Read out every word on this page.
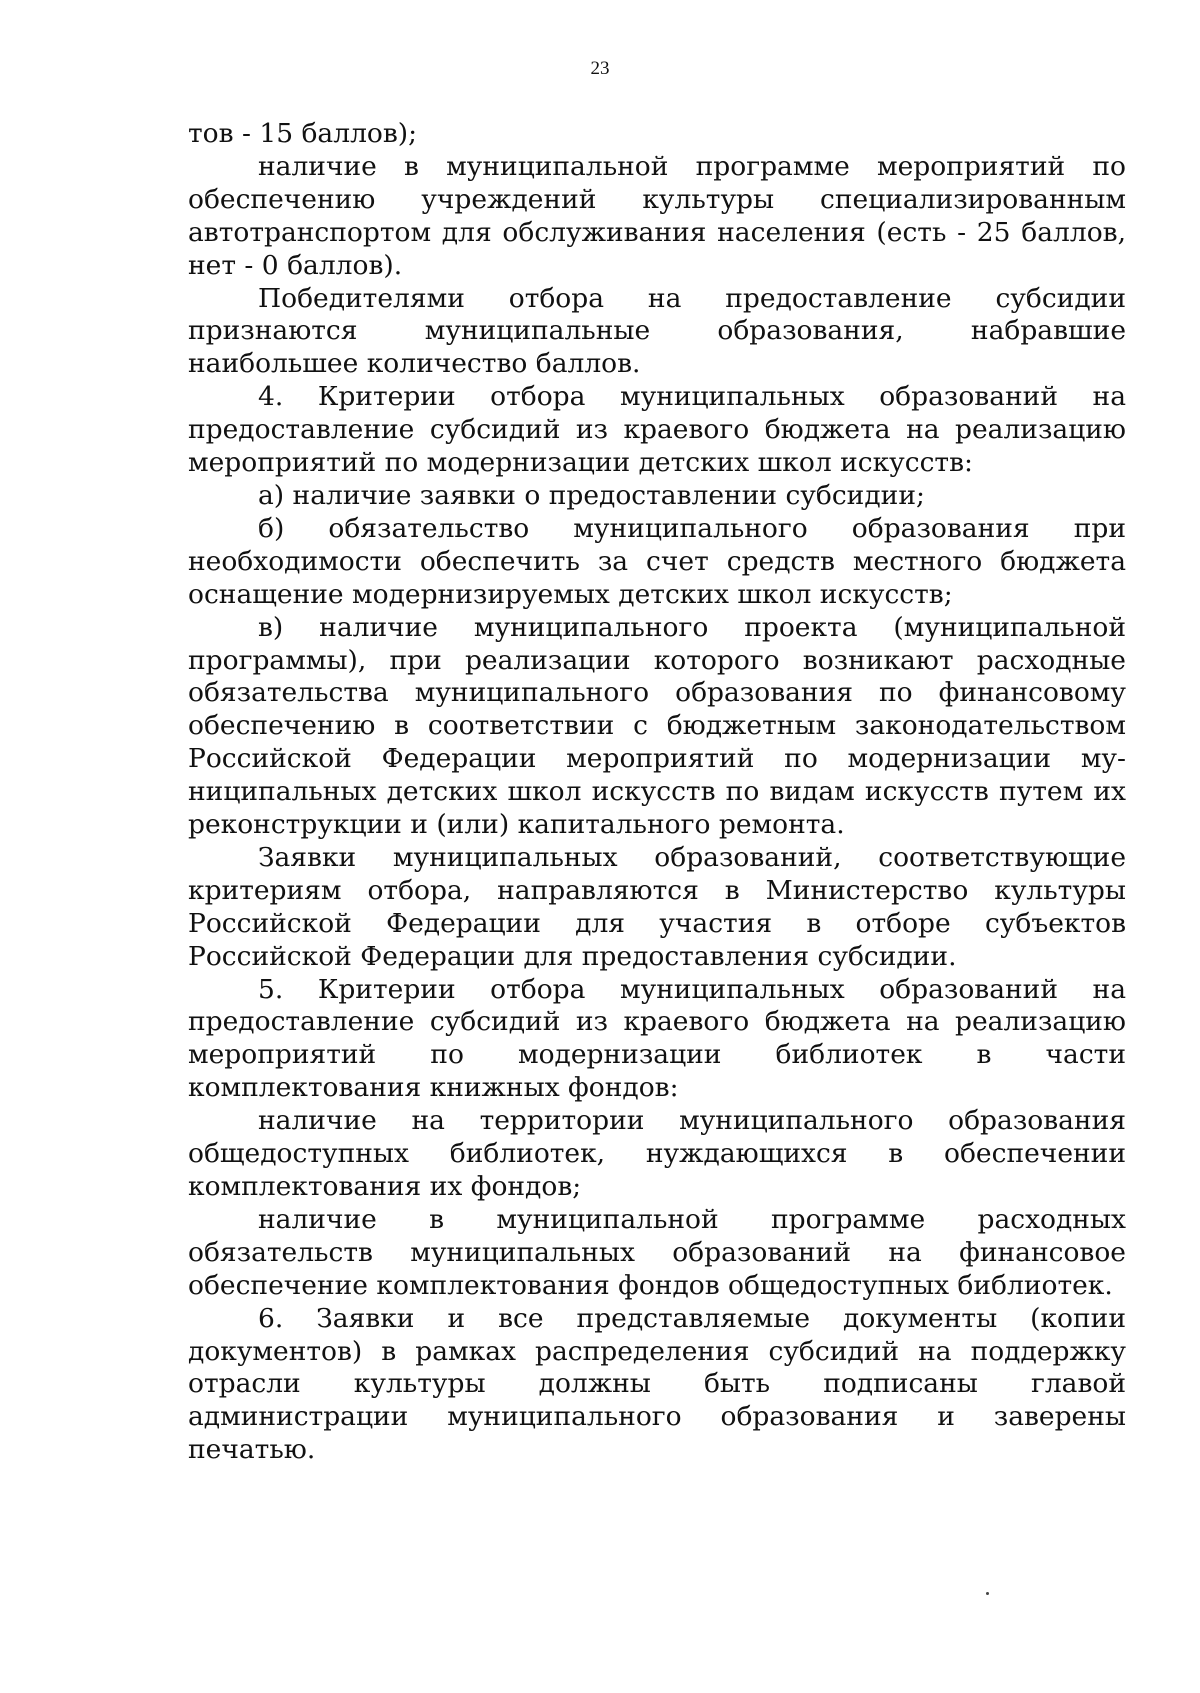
23

тов - 15 баллов);

наличие в муниципальной программе мероприятий по обеспечению учреждений культуры специализированным автотранспортом для обслуживания населения (есть - 25 баллов, нет - 0 баллов).

Победителями отбора на предоставление субсидии признаются муниципальные образования, набравшие наибольшее количество баллов.

4. Критерии отбора муниципальных образований на предоставление субсидий из краевого бюджета на реализацию мероприятий по модернизации детских школ искусств:

а) наличие заявки о предоставлении субсидии;

б) обязательство муниципального образования при необходимости обеспечить за счет средств местного бюджета оснащение модернизируемых детских школ искусств;

в) наличие муниципального проекта (муниципальной программы), при реализации которого возникают расходные обязательства муниципального образования по финансовому обеспечению в соответствии с бюджетным законодательством Российской Федерации мероприятий по модернизации муниципальных детских школ искусств по видам искусств путем их реконструкции и (или) капитального ремонта.

Заявки муниципальных образований, соответствующие критериям отбора, направляются в Министерство культуры Российской Федерации для участия в отборе субъектов Российской Федерации для предоставления субсидии.

5. Критерии отбора муниципальных образований на предоставление субсидий из краевого бюджета на реализацию мероприятий по модернизации библиотек в части комплектования книжных фондов:

наличие на территории муниципального образования общедоступных библиотек, нуждающихся в обеспечении комплектования их фондов;

наличие в муниципальной программе расходных обязательств муниципальных образований на финансовое обеспечение комплектования фондов общедоступных библиотек.

6. Заявки и все представляемые документы (копии документов) в рамках распределения субсидий на поддержку отрасли культуры должны быть подписаны главой администрации муниципального образования и заверены печатью.
